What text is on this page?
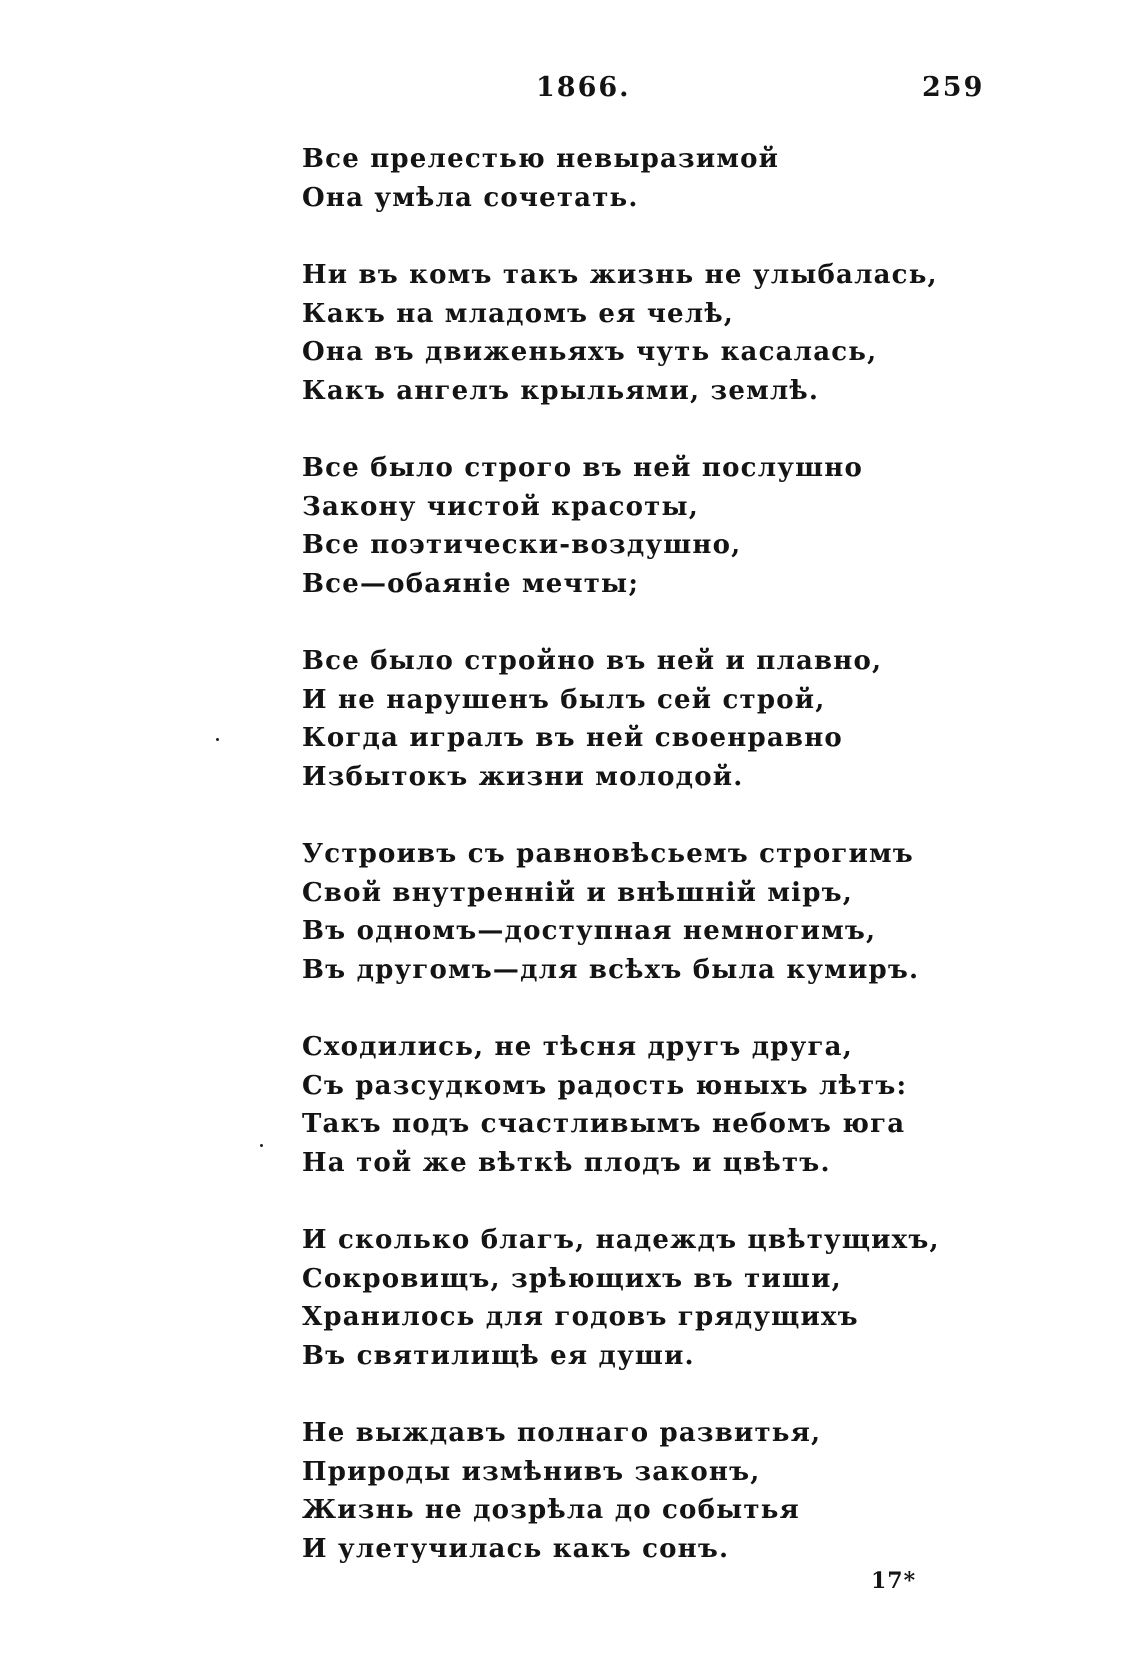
1866.	259
Все прелестью невыразимой
Она умѣла сочетать.
Ни въ комъ такъ жизнь не улыбалась,
Какъ на младомъ ея челѣ,
Она въ движеньяхъ чуть касалась,
Какъ ангелъ крыльями, землѣ.
Все было строго въ ней послушно
Закону чистой красоты,
Все поэтически-воздушно,
Все—обаяніе мечты;
Все было стройно въ ней и плавно,
И не нарушенъ былъ сей строй,
Когда игралъ въ ней своенравно
Избытокъ жизни молодой.
Устроивъ съ равновѣсьемъ строгимъ
Свой внутренній и внѣшній міръ,
Въ одномъ—доступная немногимъ,
Въ другомъ—для всѣхъ была кумиръ.
Сходились, не тѣсня другъ друга,
Съ разсудкомъ радость юныхъ лѣтъ:
Такъ подъ счастливымъ небомъ юга
На той же вѣткѣ плодъ и цвѣтъ.
И сколько благъ, надеждъ цвѣтущихъ,
Сокровищъ, зрѣющихъ въ тиши,
Хранилось для годовъ грядущихъ
Въ святилищѣ ея души.
Не выждавъ полнаго развитья,
Природы измѣнивъ законъ,
Жизнь не дозрѣла до событья
И улетучилась какъ сонъ.
17*
